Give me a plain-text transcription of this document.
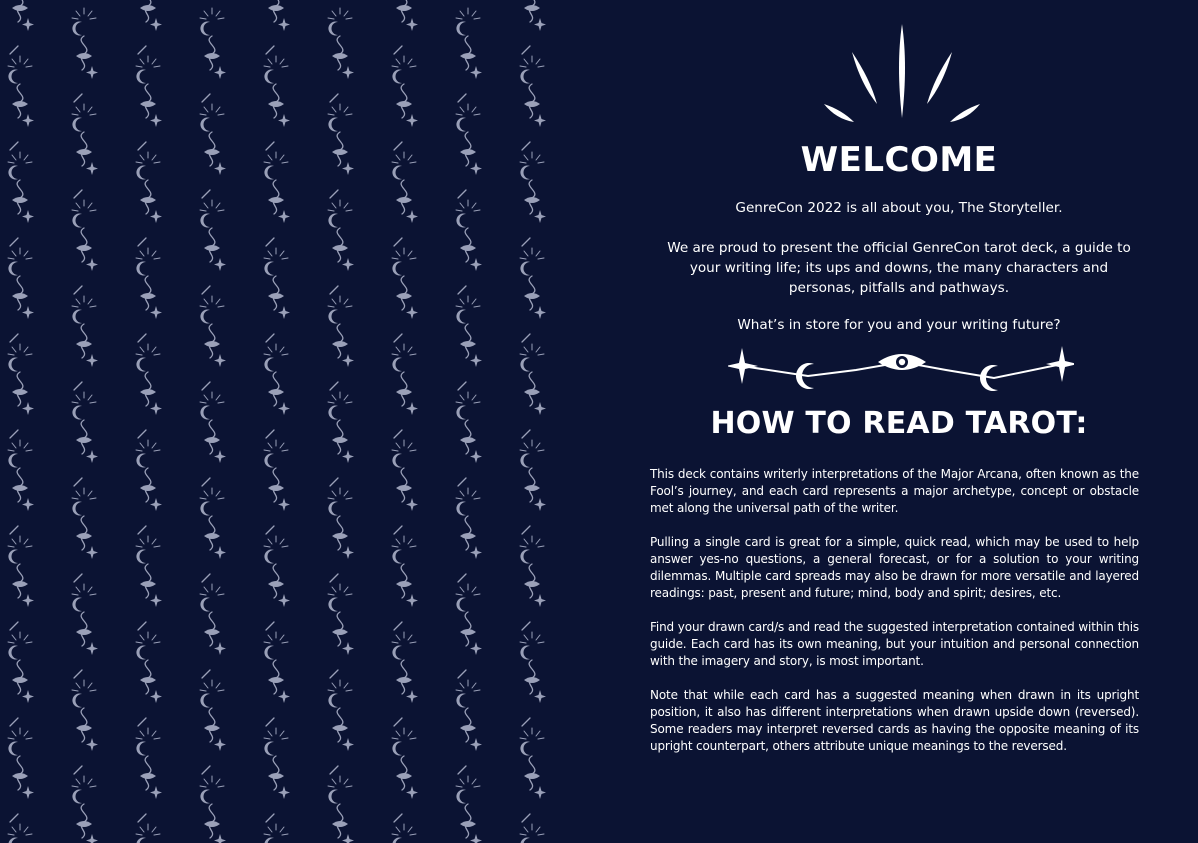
WELCOME

GenreCon 2022 is all about you, The Storyteller.

We are proud to present the official GenreCon tarot deck, a guide to your writing life; its ups and downs, the many characters and personas, pitfalls and pathways.

What’s in store for you and your writing future?

HOW TO READ TAROT:

This deck contains writerly interpretations of the Major Arcana, often known as the Fool’s journey, and each card represents a major archetype, concept or obstacle met along the universal path of the writer.

Pulling a single card is great for a simple, quick read, which may be used to help answer yes-no questions, a general forecast, or for a solution to your writing dilemmas. Multiple card spreads may also be drawn for more versatile and layered readings: past, present and future; mind, body and spirit; desires, etc.

Find your drawn card/s and read the suggested interpretation contained within this guide. Each card has its own meaning, but your intuition and personal connection with the imagery and story, is most important.

Note that while each card has a suggested meaning when drawn in its upright position, it also has different interpretations when drawn upside down (reversed). Some readers may interpret reversed cards as having the opposite meaning of its upright counterpart, others attribute unique meanings to the reversed.
